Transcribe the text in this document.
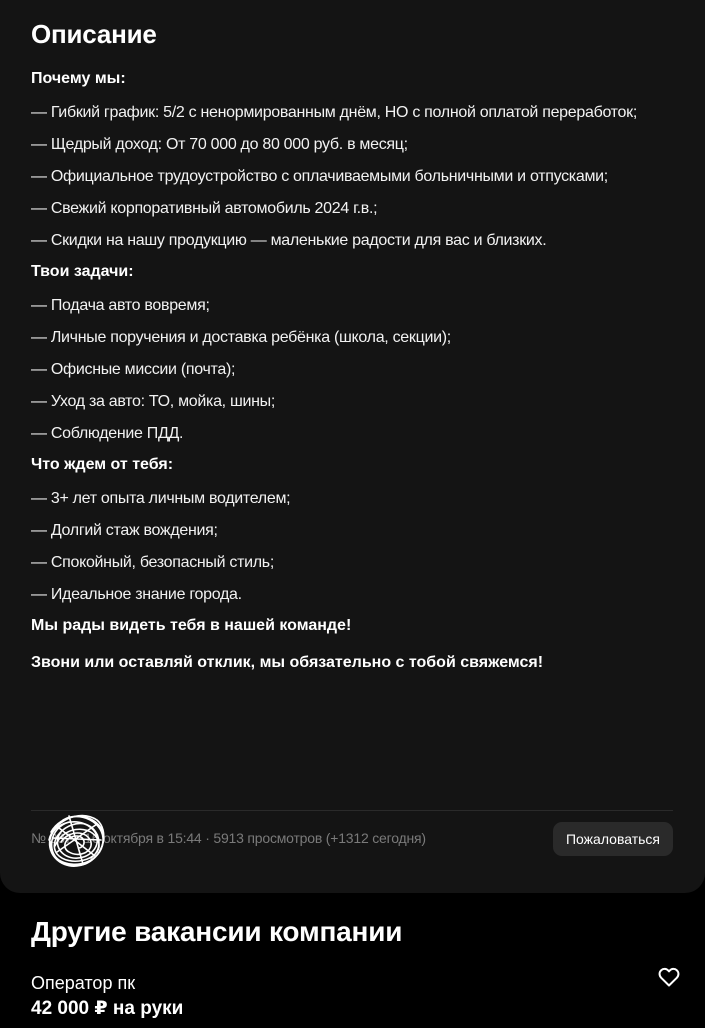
Описание
Почему мы:
— Гибкий график: 5/2 с ненормированным днём, НО с полной оплатой переработок;
— Щедрый доход: От 70 000 до 80 000 руб. в месяц;
— Официальное трудоустройство с оплачиваемыми больничными и отпусками;
— Свежий корпоративный автомобиль 2024 г.в.;
— Скидки на нашу продукцию — маленькие радости для вас и близких.
Твои задачи:
— Подача авто вовремя;
— Личные поручения и доставка ребёнка (школа, секции);
— Офисные миссии (почта);
— Уход за авто: ТО, мойка, шины;
— Соблюдение ПДД.
Что ждем от тебя:
— 3+ лет опыта личным водителем;
— Долгий стаж вождения;
— Спокойный, безопасный стиль;
— Идеальное знание города.
Мы рады видеть тебя в нашей команде!
Звони или оставляй отклик, мы обязательно с тобой свяжемся!
№ 287 · 16 октября в 15:44 · 5913 просмотров (+1312 сегодня)	Пожаловаться
Другие вакансии компании
Оператор пк
42 000 ₽ на руки
